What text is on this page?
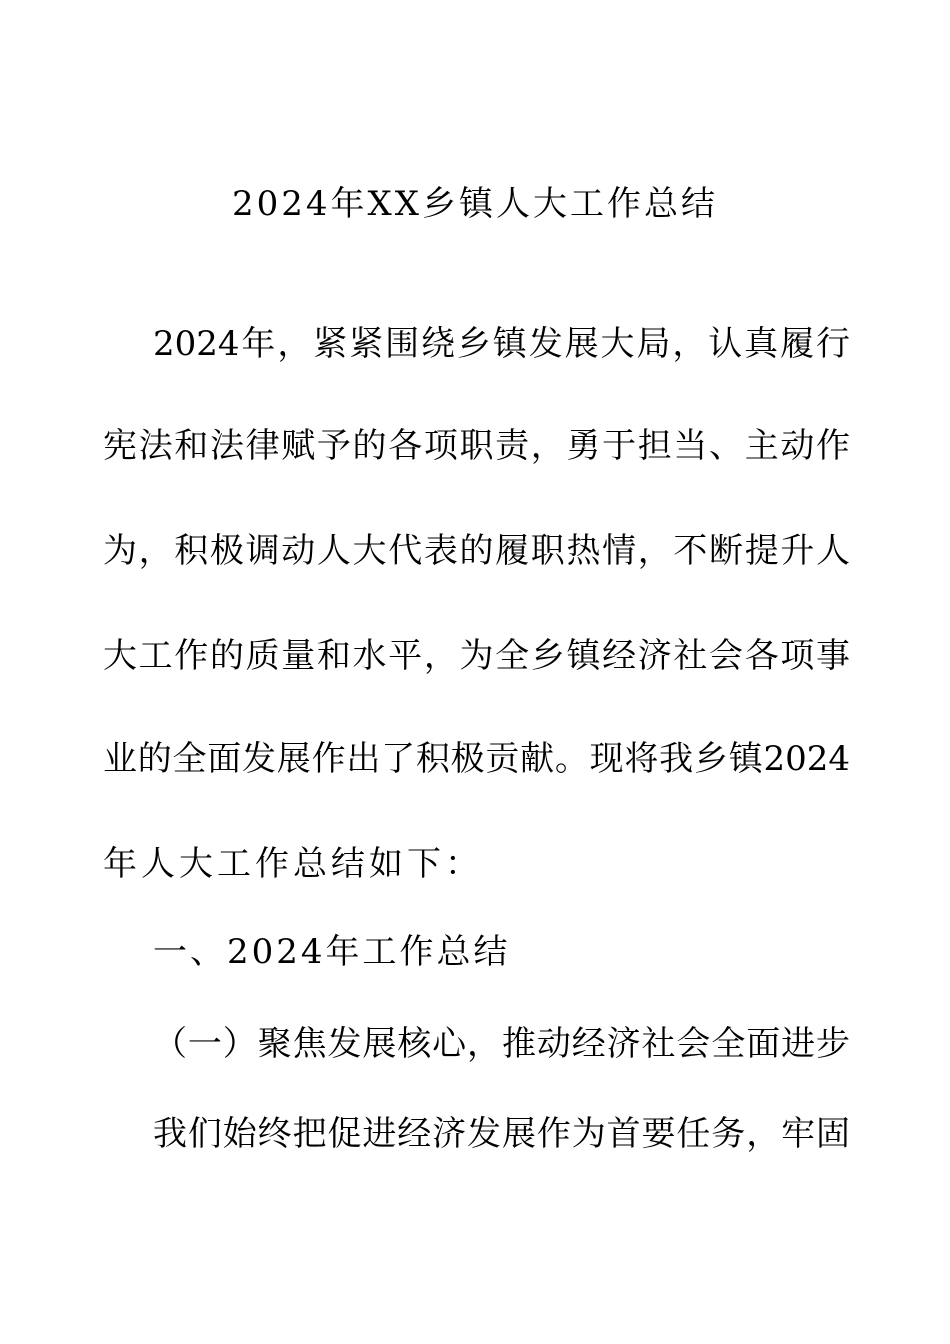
2024年XX乡镇人大工作总结

2024年，紧紧围绕乡镇发展大局，认真履行

宪法和法律赋予的各项职责，勇于担当、主动作

为，积极调动人大代表的履职热情，不断提升人

大工作的质量和水平，为全乡镇经济社会各项事

业的全面发展作出了积极贡献。现将我乡镇2024

年人大工作总结如下：

一、2024年工作总结

（一）聚焦发展核心，推动经济社会全面进步

我们始终把促进经济发展作为首要任务，牢固
